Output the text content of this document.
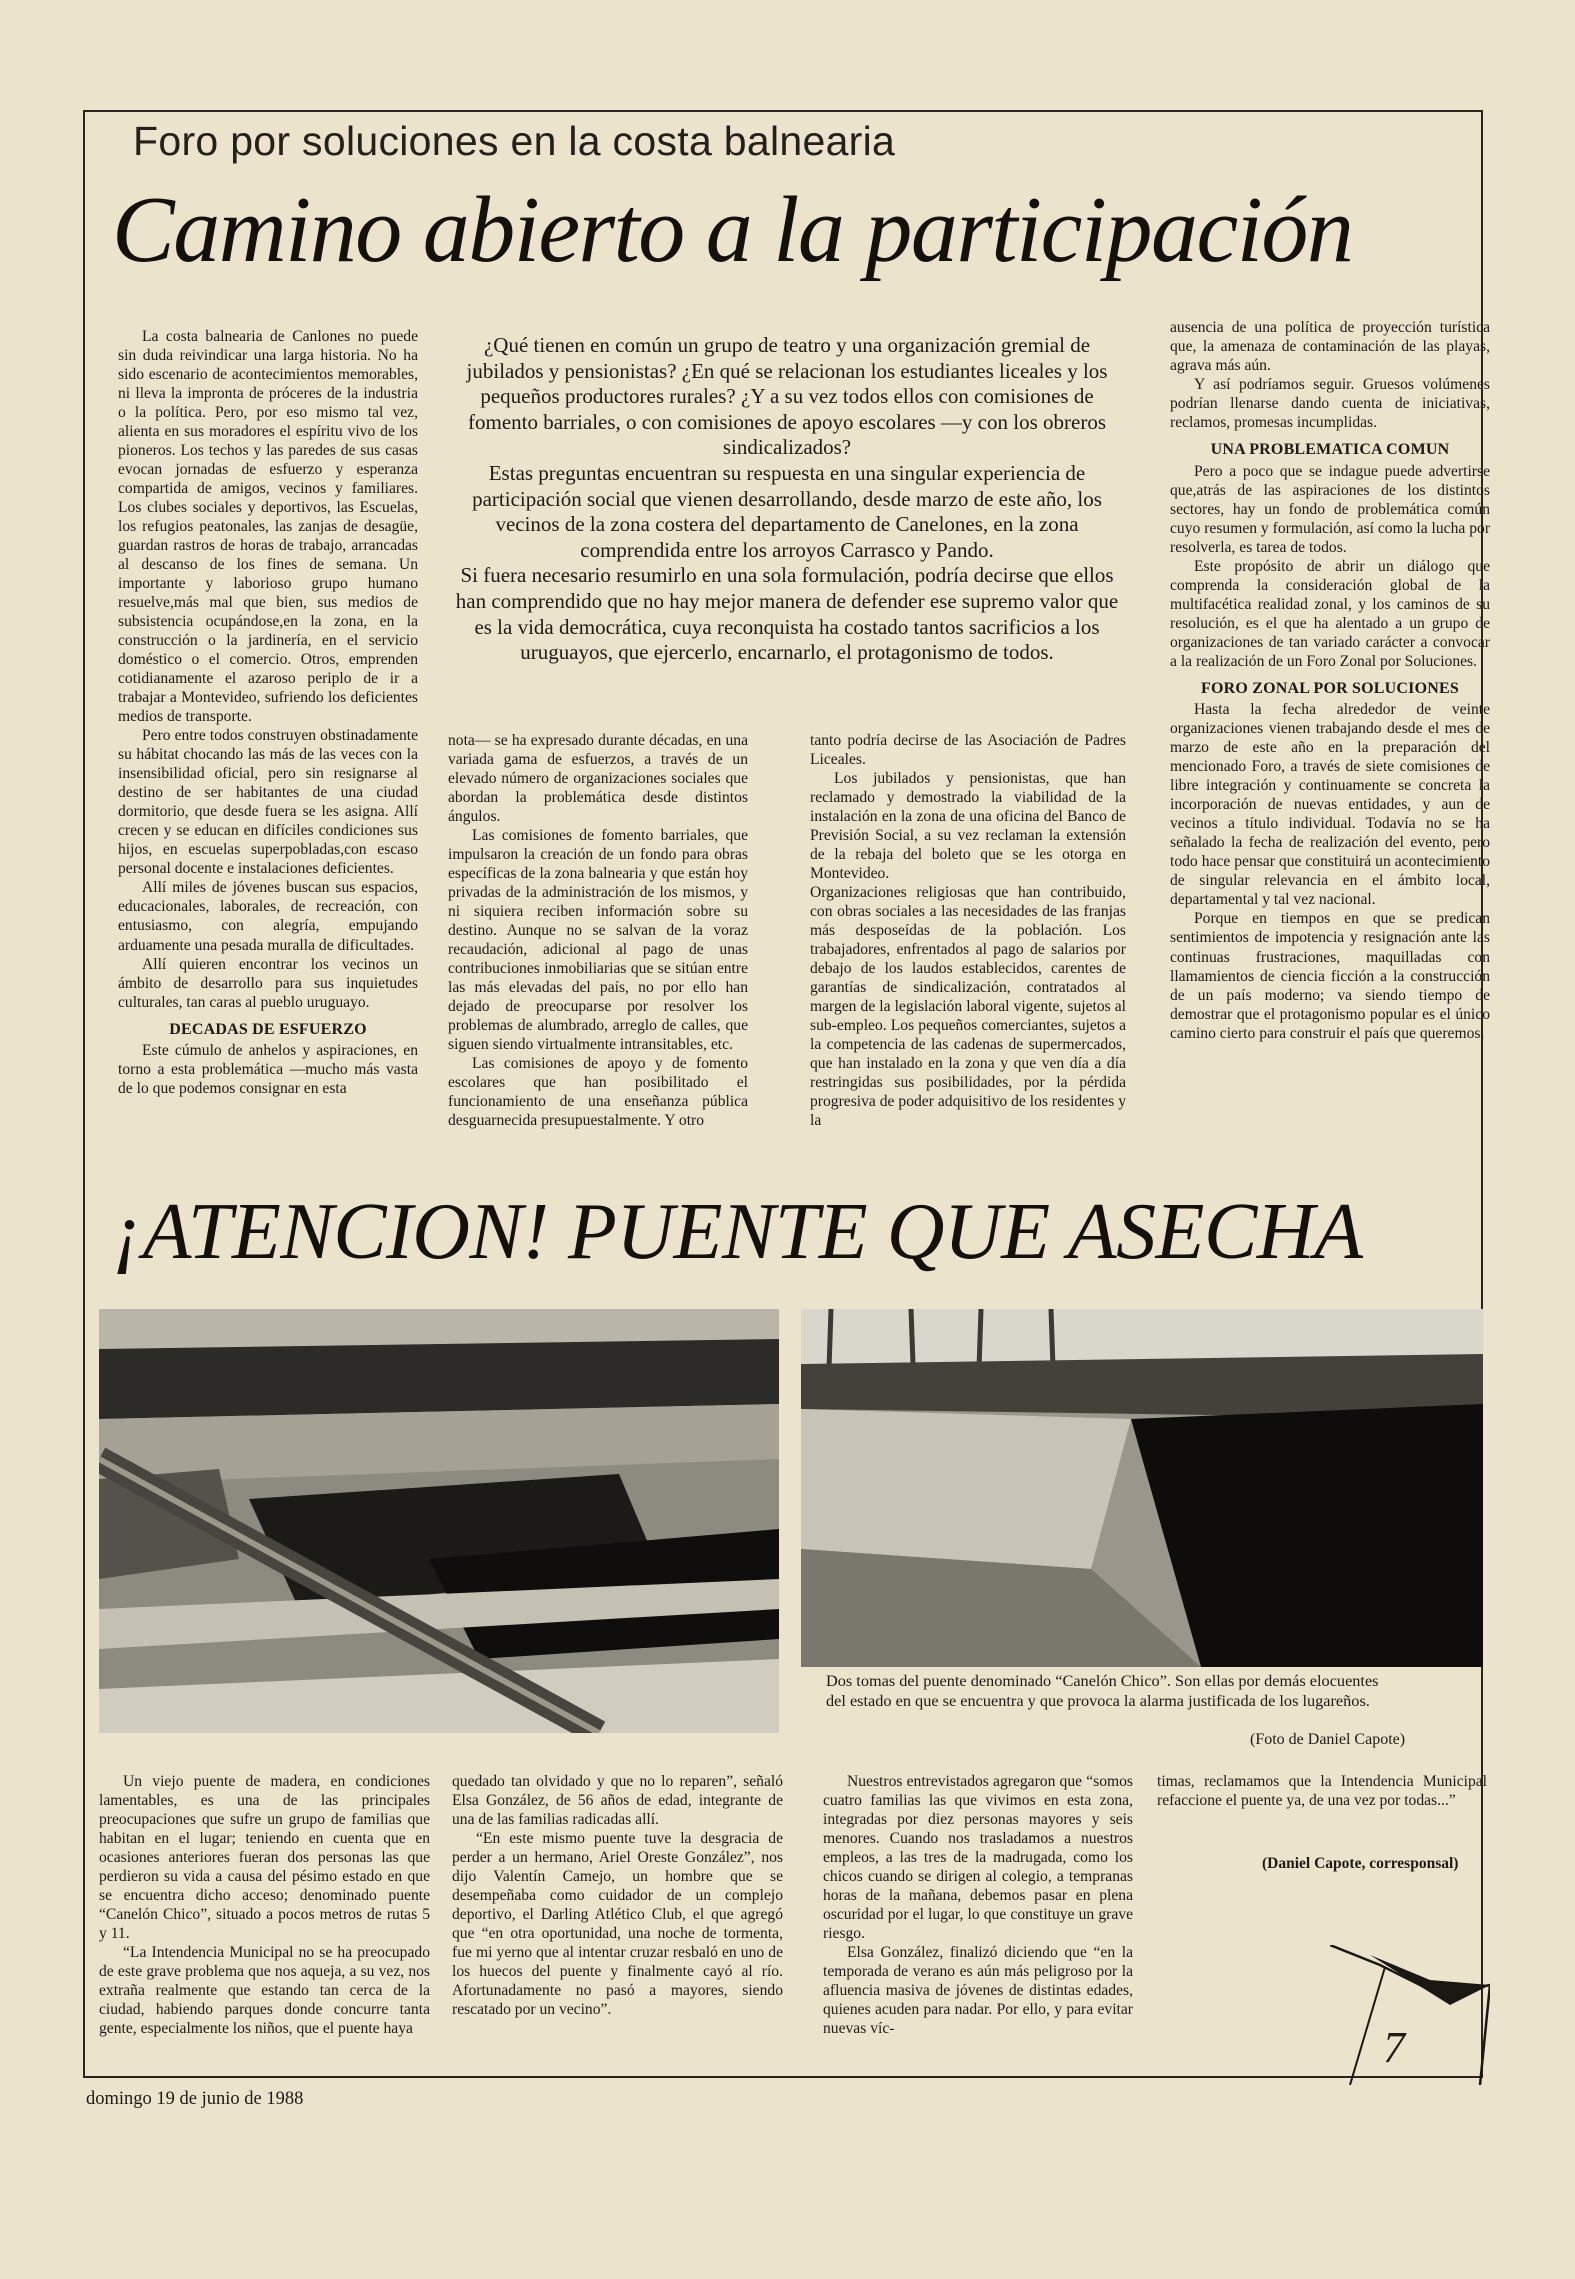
Foro por soluciones en la costa balnearia
Camino abierto a la participación

La costa balnearia de Canlones no puede sin duda reivindicar una larga historia. No ha sido escenario de acontecimientos memorables, ni lleva la impronta de próceres de la industria o la política. Pero, por eso mismo tal vez, alienta en sus moradores el espíritu vivo de los pioneros. Los techos y las paredes de sus casas evocan jornadas de esfuerzo y esperanza compartida de amigos, vecinos y familiares. Los clubes sociales y deportivos, las Escuelas, los refugios peatonales, las zanjas de desagüe, guardan rastros de horas de trabajo, arrancadas al descanso de los fines de semana. Un importante y laborioso grupo humano resuelve,más mal que bien, sus medios de subsistencia ocupándose,en la zona, en la construcción o la jardinería, en el servicio doméstico o el comercio. Otros, emprenden cotidianamente el azaroso periplo de ir a trabajar a Montevideo, sufriendo los deficientes medios de transporte.

Pero entre todos construyen obstinadamente su hábitat chocando las más de las veces con la insensibilidad oficial, pero sin resignarse al destino de ser habitantes de una ciudad dormitorio, que desde fuera se les asigna. Allí crecen y se educan en difíciles condiciones sus hijos, en escuelas superpobladas,con escaso personal docente e instalaciones deficientes.

Allí miles de jóvenes buscan sus espacios, educacionales, laborales, de recreación, con entusiasmo, con alegría, empujando arduamente una pesada muralla de dificultades.

Allí quieren encontrar los vecinos un ámbito de desarrollo para sus inquietudes culturales, tan caras al pueblo uruguayo.

DECADAS DE ESFUERZO

Este cúmulo de anhelos y aspiraciones, en torno a esta problemática —mucho más vasta de lo que podemos consignar en esta

¿Qué tienen en común un grupo de teatro y una organización gremial de jubilados y pensionistas? ¿En qué se relacionan los estudiantes liceales y los pequeños productores rurales? ¿Y a su vez todos ellos con comisiones de fomento barriales, o con comisiones de apoyo escolares —y con los obreros sindicalizados?

Estas preguntas encuentran su respuesta en una singular experiencia de participación social que vienen desarrollando, desde marzo de este año, los vecinos de la zona costera del departamento de Canelones, en la zona comprendida entre los arroyos Carrasco y Pando.

Si fuera necesario resumirlo en una sola formulación, podría decirse que ellos han comprendido que no hay mejor manera de defender ese supremo valor que es la vida democrática, cuya reconquista ha costado tantos sacrificios a los uruguayos, que ejercerlo, encarnarlo, el protagonismo de todos.

nota— se ha expresado durante décadas, en una variada gama de esfuerzos, a través de un elevado número de organizaciones sociales que abordan la problemática desde distintos ángulos.

Las comisiones de fomento barriales, que impulsaron la creación de un fondo para obras específicas de la zona balnearia y que están hoy privadas de la administración de los mismos, y ni siquiera reciben información sobre su destino. Aunque no se salvan de la voraz recaudación, adicional al pago de unas contribuciones inmobiliarias que se sitúan entre las más elevadas del país, no por ello han dejado de preocuparse por resolver los problemas de alumbrado, arreglo de calles, que siguen siendo virtualmente intransitables, etc.

Las comisiones de apoyo y de fomento escolares que han posibilitado el funcionamiento de una enseñanza pública desguarnecida presupuestalmente. Y otro

tanto podría decirse de las Asociación de Padres Liceales.

Los jubilados y pensionistas, que han reclamado y demostrado la viabilidad de la instalación en la zona de una oficina del Banco de Previsión Social, a su vez reclaman la extensión de la rebaja del boleto que se les otorga en Montevideo.

Organizaciones religiosas que han contribuido, con obras sociales a las necesidades de las franjas más desposeídas de la población. Los trabajadores, enfrentados al pago de salarios por debajo de los laudos establecidos, carentes de garantías de sindicalización, contratados al margen de la legislación laboral vigente, sujetos al sub-empleo. Los pequeños comerciantes, sujetos a la competencia de las cadenas de supermercados, que han instalado en la zona y que ven día a día restringidas sus posibilidades, por la pérdida progresiva de poder adquisitivo de los residentes y la

ausencia de una política de proyección turística que, la amenaza de contaminación de las playas, agrava más aún.

Y así podríamos seguir. Gruesos volúmenes podrían llenarse dando cuenta de iniciativas, reclamos, promesas incumplidas.

UNA PROBLEMATICA COMUN

Pero a poco que se indague puede advertirse que,atrás de las aspiraciones de los distintos sectores, hay un fondo de problemática común cuyo resumen y formulación, así como la lucha por resolverla, es tarea de todos.

Este propósito de abrir un diálogo que comprenda la consideración global de la multifacética realidad zonal, y los caminos de su resolución, es el que ha alentado a un grupo de organizaciones de tan variado carácter a convocar a la realización de un Foro Zonal por Soluciones.

FORO ZONAL POR SOLUCIONES

Hasta la fecha alrededor de veinte organizaciones vienen trabajando desde el mes de marzo de este año en la preparación del mencionado Foro, a través de siete comisiones de libre integración y continuamente se concreta la incorporación de nuevas entidades, y aun de vecinos a título individual. Todavía no se ha señalado la fecha de realización del evento, pero todo hace pensar que constituirá un acontecimiento de singular relevancia en el ámbito local, departamental y tal vez nacional.

Porque en tiempos en que se predican sentimientos de impotencia y resignación ante las continuas frustraciones, maquilladas con llamamientos de ciencia ficción a la construcción de un país moderno; va siendo tiempo de demostrar que el protagonismo popular es el único camino cierto para construir el país que queremos.

¡ATENCION! PUENTE QUE ASECHA
Dos tomas del puente denominado “Canelón Chico”. Son ellas por demás elocuentes del estado en que se encuentra y que provoca la alarma justificada de los lugareños.
(Foto de Daniel Capote)

Un viejo puente de madera, en condiciones lamentables, es una de las principales preocupaciones que sufre un grupo de familias que habitan en el lugar; teniendo en cuenta que en ocasiones anteriores fueran dos personas las que perdieron su vida a causa del pésimo estado en que se encuentra dicho acceso; denominado puente “Canelón Chico”, situado a pocos metros de rutas 5 y 11.

“La Intendencia Municipal no se ha preocupado de este grave problema que nos aqueja, a su vez, nos extraña realmente que estando tan cerca de la ciudad, habiendo parques donde concurre tanta gente, especialmente los niños, que el puente haya

quedado tan olvidado y que no lo reparen”, señaló Elsa González, de 56 años de edad, integrante de una de las familias radicadas allí.

“En este mismo puente tuve la desgracia de perder a un hermano, Ariel Oreste González”, nos dijo Valentín Camejo, un hombre que se desempeñaba como cuidador de un complejo deportivo, el Darling Atlético Club, el que agregó que “en otra oportunidad, una noche de tormenta, fue mi yerno que al intentar cruzar resbaló en uno de los huecos del puente y finalmente cayó al río. Afortunadamente no pasó a mayores, siendo rescatado por un vecino”.

Nuestros entrevistados agregaron que “somos cuatro familias las que vivimos en esta zona, integradas por diez personas mayores y seis menores. Cuando nos trasladamos a nuestros empleos, a las tres de la madrugada, como los chicos cuando se dirigen al colegio, a tempranas horas de la mañana, debemos pasar en plena oscuridad por el lugar, lo que constituye un grave riesgo.

Elsa González, finalizó diciendo que “en la temporada de verano es aún más peligroso por la afluencia masiva de jóvenes de distintas edades, quienes acuden para nadar. Por ello, y para evitar nuevas víc-

timas, reclamamos que la Intendencia Municipal refaccione el puente ya, de una vez por todas...”

(Daniel Capote, corresponsal)
7
domingo 19 de junio de 1988
